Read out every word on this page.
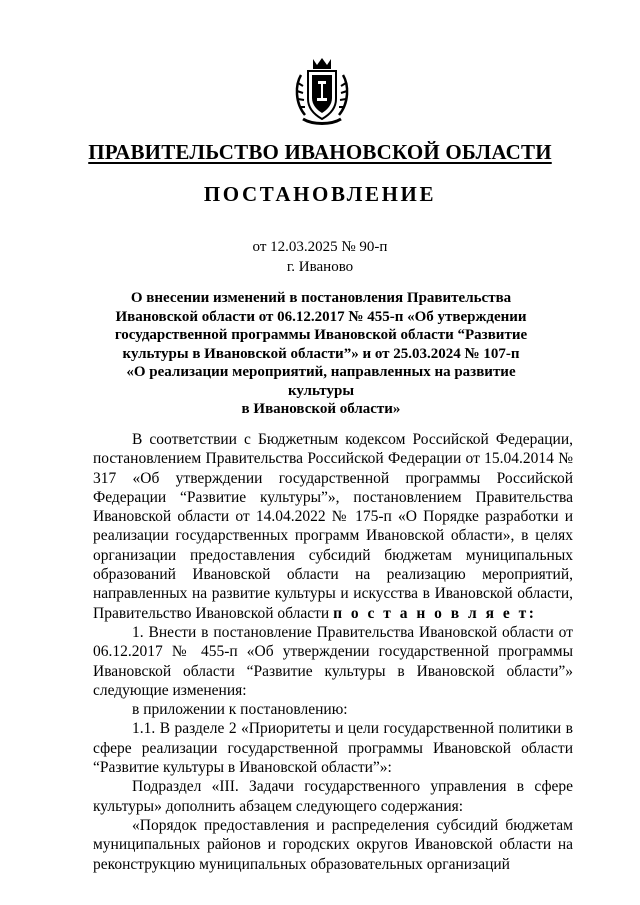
ПРАВИТЕЛЬСТВО ИВАНОВСКОЙ ОБЛАСТИ
ПОСТАНОВЛЕНИЕ
от 12.03.2025 № 90-п
г. Иваново
О внесении изменений в постановления Правительства
Ивановской области от 06.12.2017 № 455-п «Об утверждении
государственной программы Ивановской области “Развитие
культуры в Ивановской области”» и от 25.03.2024 № 107-п
«О реализации мероприятий, направленных на развитие культуры
в Ивановской области»

В соответствии с Бюджетным кодексом Российской Федерации, постановлением Правительства Российской Федерации от 15.04.2014 № 317 «Об утверждении государственной программы Российской Федерации “Развитие культуры”», постановлением Правительства Ивановской области от 14.04.2022 № 175-п «О Порядке разработки и реализации государственных программ Ивановской области», в целях организации предоставления субсидий бюджетам муниципальных образований Ивановской области на реализацию мероприятий, направленных на развитие культуры и искусства в Ивановской области, Правительство Ивановской области п о с т а н о в л я е т:

1. Внести в постановление Правительства Ивановской области от 06.12.2017 № 455-п «Об утверждении государственной программы Ивановской области “Развитие культуры в Ивановской области”» следующие изменения:

в приложении к постановлению:

1.1. В разделе 2 «Приоритеты и цели государственной политики в сфере реализации государственной программы Ивановской области “Развитие культуры в Ивановской области”»:

Подраздел «III. Задачи государственного управления в сфере культуры» дополнить абзацем следующего содержания:

«Порядок предоставления и распределения субсидий бюджетам муниципальных районов и городских округов Ивановской области на реконструкцию муниципальных образовательных организаций
